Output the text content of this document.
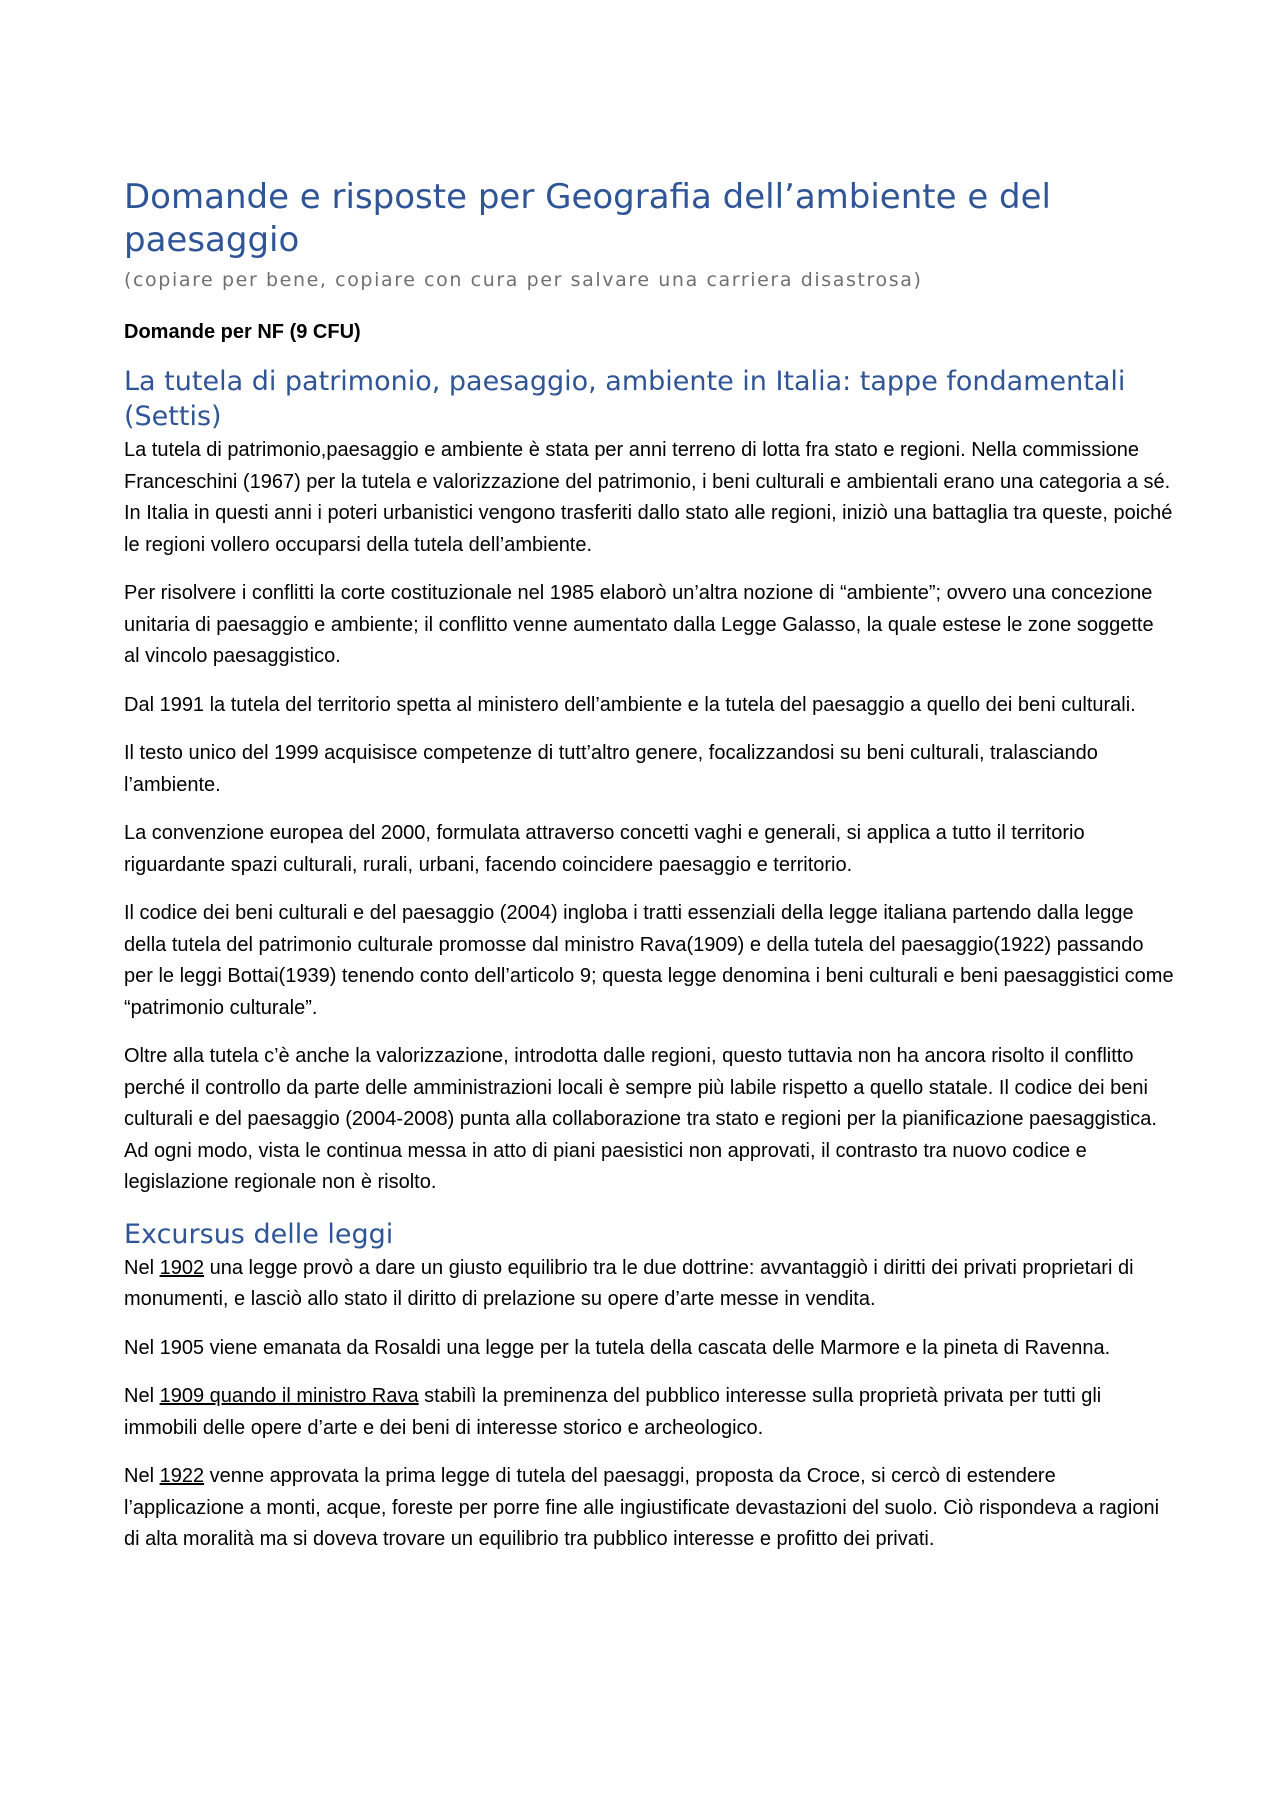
Domande e risposte per Geografia dell’ambiente e del paesaggio
(copiare per bene, copiare con cura per salvare una carriera disastrosa)
Domande per NF (9 CFU)
La tutela di patrimonio, paesaggio, ambiente in Italia: tappe fondamentali (Settis)

La tutela di patrimonio,paesaggio e ambiente è stata per anni terreno di lotta fra stato e regioni. Nella commissione Franceschini (1967) per la tutela e valorizzazione del patrimonio, i beni culturali e ambientali erano una categoria a sé. In Italia in questi anni i poteri urbanistici vengono trasferiti dallo stato alle regioni, iniziò una battaglia tra queste, poiché le regioni vollero occuparsi della tutela dell’ambiente.

Per risolvere i conflitti la corte costituzionale nel 1985 elaborò un’altra nozione di “ambiente”; ovvero una concezione unitaria di paesaggio e ambiente; il conflitto venne aumentato dalla Legge Galasso, la quale estese le zone soggette al vincolo paesaggistico.

Dal 1991 la tutela del territorio spetta al ministero dell’ambiente e la tutela del paesaggio a quello dei beni culturali.

Il testo unico del 1999 acquisisce competenze di tutt’altro genere, focalizzandosi su beni culturali, tralasciando l’ambiente.

La convenzione europea del 2000, formulata attraverso concetti vaghi e generali, si applica a tutto il territorio riguardante spazi culturali, rurali, urbani, facendo coincidere paesaggio e territorio.

Il codice dei beni culturali e del paesaggio (2004) ingloba i tratti essenziali della legge italiana partendo dalla legge della tutela del patrimonio culturale promosse dal ministro Rava(1909) e della tutela del paesaggio(1922) passando per le leggi Bottai(1939) tenendo conto dell’articolo 9; questa legge denomina i beni culturali e beni paesaggistici come “patrimonio culturale”.

Oltre alla tutela c’è anche la valorizzazione, introdotta dalle regioni, questo tuttavia non ha ancora risolto il conflitto perché il controllo da parte delle amministrazioni locali è sempre più labile rispetto a quello statale. Il codice dei beni culturali e del paesaggio (2004-2008) punta alla collaborazione tra stato e regioni per la pianificazione paesaggistica. Ad ogni modo, vista le continua messa in atto di piani paesistici non approvati, il contrasto tra nuovo codice e legislazione regionale non è risolto.

Excursus delle leggi

Nel 1902 una legge provò a dare un giusto equilibrio tra le due dottrine: avvantaggiò i diritti dei privati proprietari di monumenti, e lasciò allo stato il diritto di prelazione su opere d’arte messe in vendita.

Nel 1905 viene emanata da Rosaldi una legge per la tutela della cascata delle Marmore e la pineta di Ravenna.

Nel 1909 quando il ministro Rava stabilì la preminenza del pubblico interesse sulla proprietà privata per tutti gli immobili delle opere d’arte e dei beni di interesse storico e archeologico.

Nel 1922 venne approvata la prima legge di tutela del paesaggi, proposta da Croce, si cercò di estendere l’applicazione a monti, acque, foreste per porre fine alle ingiustificate devastazioni del suolo. Ciò rispondeva a ragioni di alta moralità ma si doveva trovare un equilibrio tra pubblico interesse e profitto dei privati.
